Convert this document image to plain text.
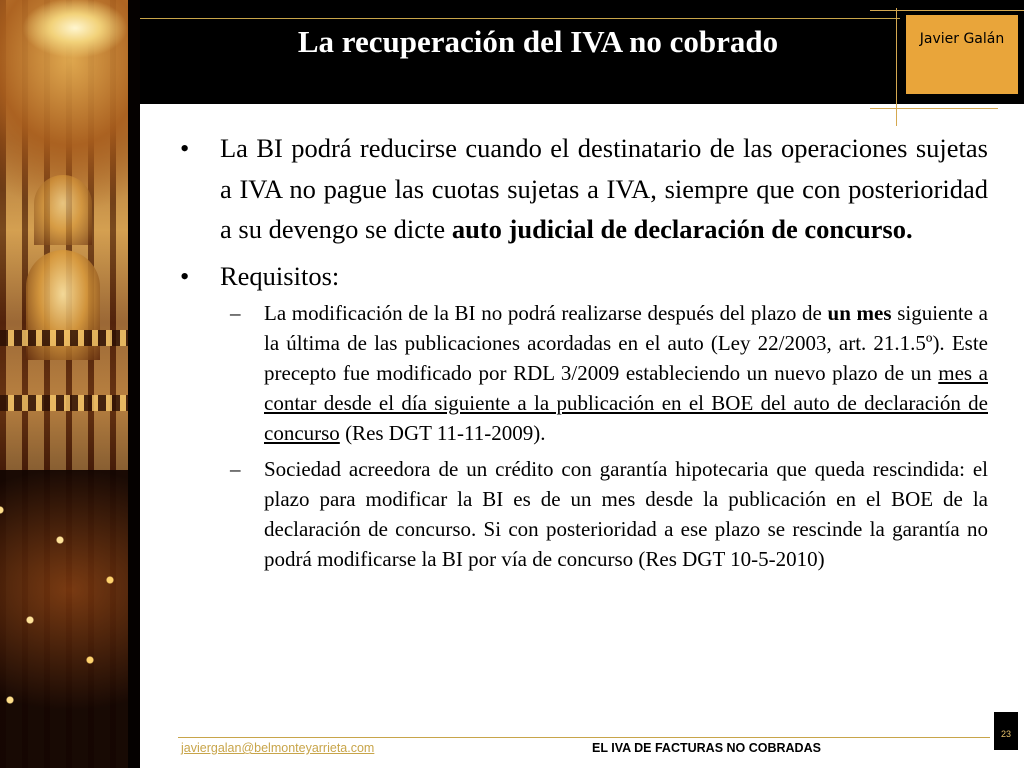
La recuperación del IVA no cobrado	Javier Galán
• La BI podrá reducirse cuando el destinatario de las operaciones sujetas a IVA no pague las cuotas sujetas a IVA, siempre que con posterioridad a su devengo se dicte auto judicial de declaración de concurso.
• Requisitos:
– La modificación de la BI no podrá realizarse después del plazo de un mes siguiente a la última de las publicaciones acordadas en el auto (Ley 22/2003, art. 21.1.5º). Este precepto fue modificado por RDL 3/2009 estableciendo un nuevo plazo de un mes a contar desde el día siguiente a la publicación en el BOE del auto de declaración de concurso (Res DGT 11-11-2009).
– Sociedad acreedora de un crédito con garantía hipotecaria que queda rescindida: el plazo para modificar la BI es de un mes desde la publicación en el BOE de la declaración de concurso. Si con posterioridad a ese plazo se rescinde la garantía no podrá modificarse la BI por vía de concurso (Res DGT 10-5-2010)
javiergalan@belmonteyarrieta.com	EL IVA DE FACTURAS NO COBRADAS
23
